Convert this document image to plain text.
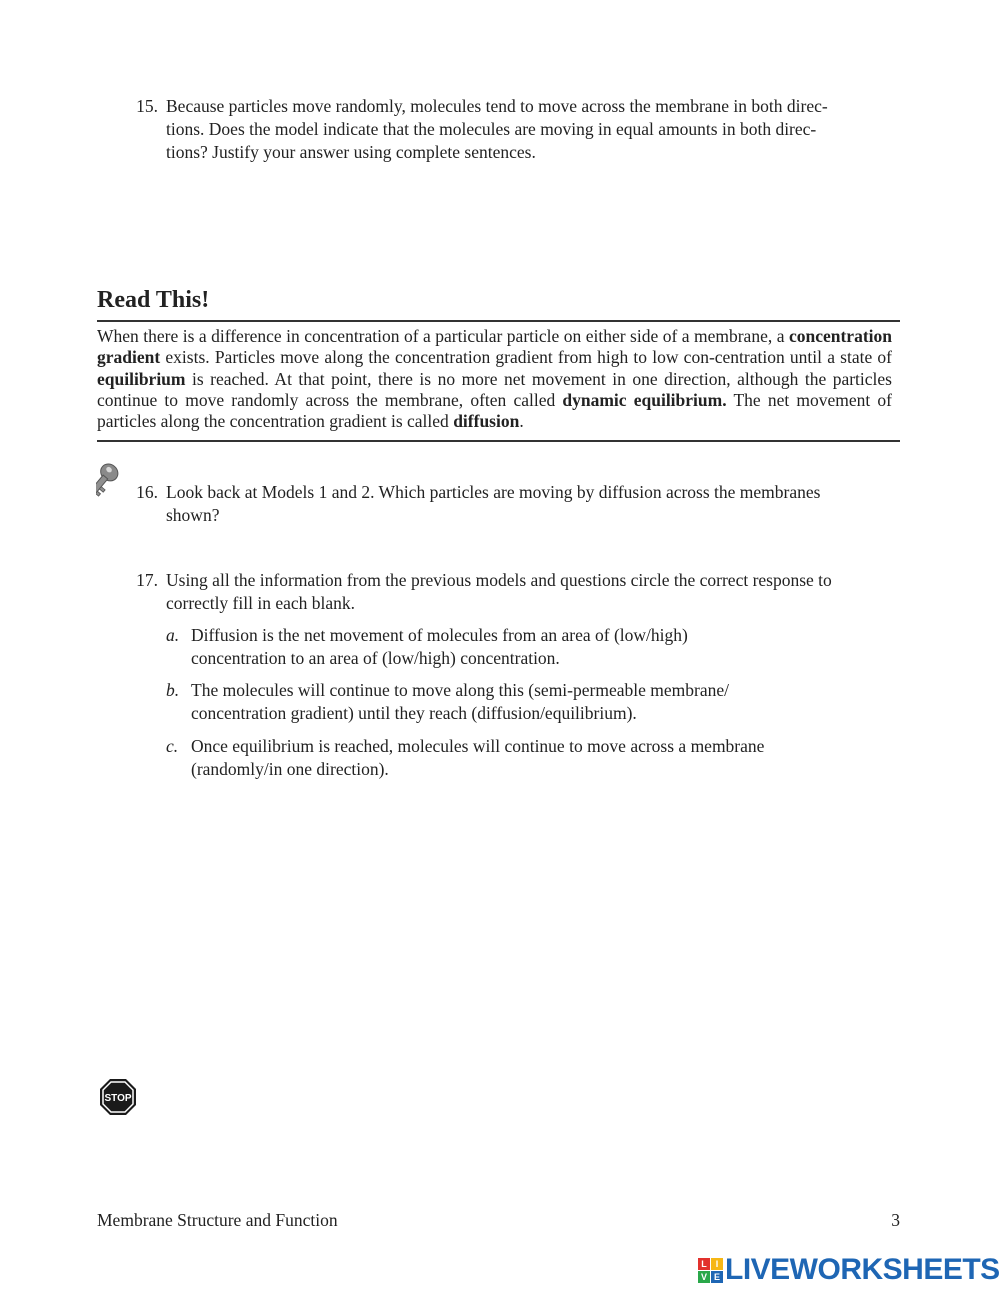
15. Because particles move randomly, molecules tend to move across the membrane in both direc-
tions. Does the model indicate that the molecules are moving in equal amounts in both direc-
tions? Justify your answer using complete sentences.
Read This!
When there is a difference in concentration of a particular particle on either side of a membrane, a concentration gradient exists. Particles move along the concentration gradient from high to low con-centration until a state of equilibrium is reached. At that point, there is no more net movement in one direction, although the particles continue to move randomly across the membrane, often called dynamic equilibrium. The net movement of particles along the concentration gradient is called diffusion.
16. Look back at Models 1 and 2. Which particles are moving by diffusion across the membranes
shown?
17. Using all the information from the previous models and questions circle the correct response to
correctly fill in each blank.
a. Diffusion is the net movement of molecules from an area of (low/high)
concentration to an area of (low/high) concentration.
b. The molecules will continue to move along this (semi-permeable membrane/
concentration gradient) until they reach (diffusion/equilibrium).
c. Once equilibrium is reached, molecules will continue to move across a membrane
(randomly/in one direction).
STOP
Membrane Structure and Function	3
L I
V E LIVEWORKSHEETS
